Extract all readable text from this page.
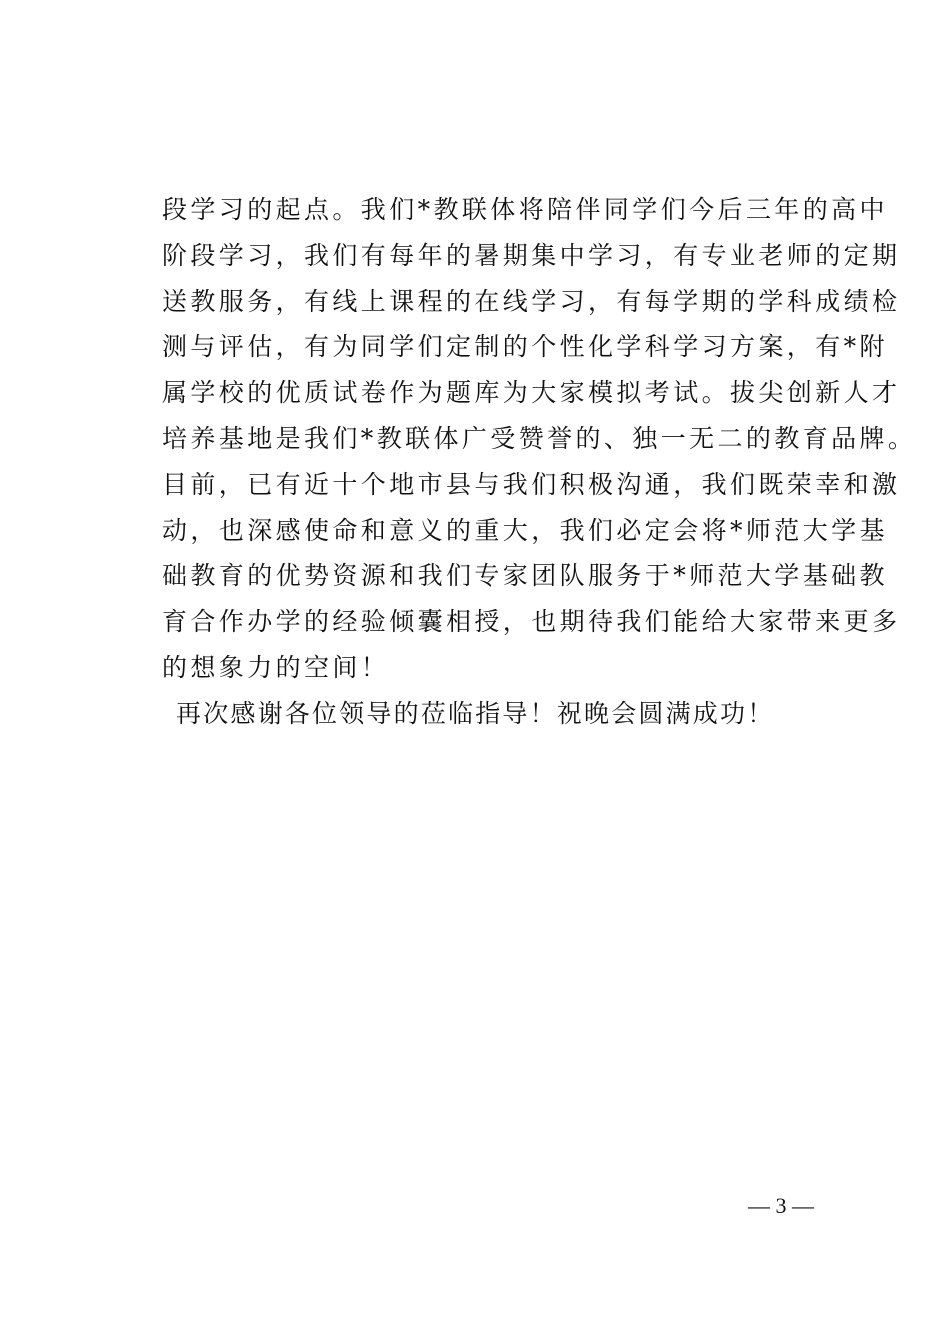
段学习的起点。我们*教联体将陪伴同学们今后三年的高中
阶段学习，我们有每年的暑期集中学习，有专业老师的定期
送教服务，有线上课程的在线学习，有每学期的学科成绩检
测与评估，有为同学们定制的个性化学科学习方案，有*附
属学校的优质试卷作为题库为大家模拟考试。拔尖创新人才
培养基地是我们*教联体广受赞誉的、独一无二的教育品牌。
目前，已有近十个地市县与我们积极沟通，我们既荣幸和激
动，也深感使命和意义的重大，我们必定会将*师范大学基
础教育的优势资源和我们专家团队服务于*师范大学基础教
育合作办学的经验倾囊相授，也期待我们能给大家带来更多
的想象力的空间！
再次感谢各位领导的莅临指导！祝晚会圆满成功！
— 3 —
